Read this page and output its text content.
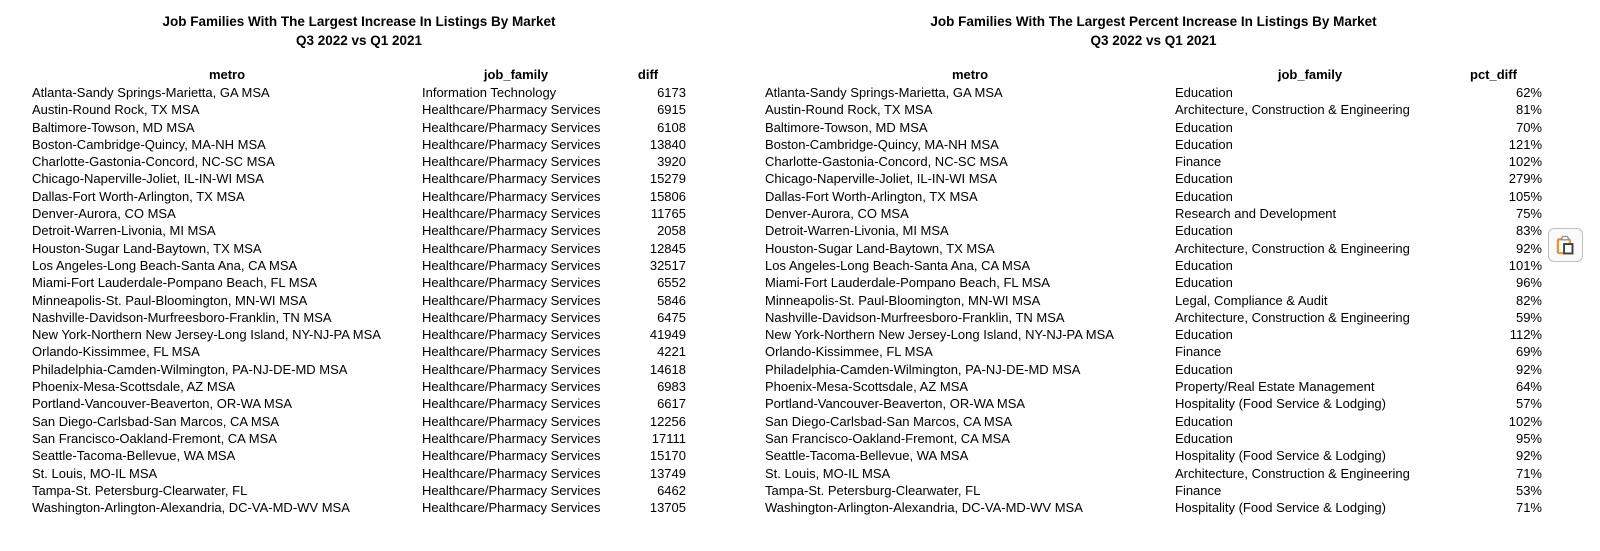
Job Families With The Largest Increase In Listings By Market
Q3 2022 vs Q1 2021
metro	job_family	diff
Atlanta-Sandy Springs-Marietta, GA MSA	Information Technology	6173
Austin-Round Rock, TX MSA	Healthcare/Pharmacy Services	6915
Baltimore-Towson, MD MSA	Healthcare/Pharmacy Services	6108
Boston-Cambridge-Quincy, MA-NH MSA	Healthcare/Pharmacy Services	13840
Charlotte-Gastonia-Concord, NC-SC MSA	Healthcare/Pharmacy Services	3920
Chicago-Naperville-Joliet, IL-IN-WI MSA	Healthcare/Pharmacy Services	15279
Dallas-Fort Worth-Arlington, TX MSA	Healthcare/Pharmacy Services	15806
Denver-Aurora, CO MSA	Healthcare/Pharmacy Services	11765
Detroit-Warren-Livonia, MI MSA	Healthcare/Pharmacy Services	2058
Houston-Sugar Land-Baytown, TX MSA	Healthcare/Pharmacy Services	12845
Los Angeles-Long Beach-Santa Ana, CA MSA	Healthcare/Pharmacy Services	32517
Miami-Fort Lauderdale-Pompano Beach, FL MSA	Healthcare/Pharmacy Services	6552
Minneapolis-St. Paul-Bloomington, MN-WI MSA	Healthcare/Pharmacy Services	5846
Nashville-Davidson-Murfreesboro-Franklin, TN MSA	Healthcare/Pharmacy Services	6475
New York-Northern New Jersey-Long Island, NY-NJ-PA MSA	Healthcare/Pharmacy Services	41949
Orlando-Kissimmee, FL MSA	Healthcare/Pharmacy Services	4221
Philadelphia-Camden-Wilmington, PA-NJ-DE-MD MSA	Healthcare/Pharmacy Services	14618
Phoenix-Mesa-Scottsdale, AZ MSA	Healthcare/Pharmacy Services	6983
Portland-Vancouver-Beaverton, OR-WA MSA	Healthcare/Pharmacy Services	6617
San Diego-Carlsbad-San Marcos, CA MSA	Healthcare/Pharmacy Services	12256
San Francisco-Oakland-Fremont, CA MSA	Healthcare/Pharmacy Services	17111
Seattle-Tacoma-Bellevue, WA MSA	Healthcare/Pharmacy Services	15170
St. Louis, MO-IL MSA	Healthcare/Pharmacy Services	13749
Tampa-St. Petersburg-Clearwater, FL	Healthcare/Pharmacy Services	6462
Washington-Arlington-Alexandria, DC-VA-MD-WV MSA	Healthcare/Pharmacy Services	13705
Job Families With The Largest Percent Increase In Listings By Market
Q3 2022 vs Q1 2021
metro	job_family	pct_diff
Atlanta-Sandy Springs-Marietta, GA MSA	Education	62%
Austin-Round Rock, TX MSA	Architecture, Construction & Engineering	81%
Baltimore-Towson, MD MSA	Education	70%
Boston-Cambridge-Quincy, MA-NH MSA	Education	121%
Charlotte-Gastonia-Concord, NC-SC MSA	Finance	102%
Chicago-Naperville-Joliet, IL-IN-WI MSA	Education	279%
Dallas-Fort Worth-Arlington, TX MSA	Education	105%
Denver-Aurora, CO MSA	Research and Development	75%
Detroit-Warren-Livonia, MI MSA	Education	83%
Houston-Sugar Land-Baytown, TX MSA	Architecture, Construction & Engineering	92%
Los Angeles-Long Beach-Santa Ana, CA MSA	Education	101%
Miami-Fort Lauderdale-Pompano Beach, FL MSA	Education	96%
Minneapolis-St. Paul-Bloomington, MN-WI MSA	Legal, Compliance & Audit	82%
Nashville-Davidson-Murfreesboro-Franklin, TN MSA	Architecture, Construction & Engineering	59%
New York-Northern New Jersey-Long Island, NY-NJ-PA MSA	Education	112%
Orlando-Kissimmee, FL MSA	Finance	69%
Philadelphia-Camden-Wilmington, PA-NJ-DE-MD MSA	Education	92%
Phoenix-Mesa-Scottsdale, AZ MSA	Property/Real Estate Management	64%
Portland-Vancouver-Beaverton, OR-WA MSA	Hospitality (Food Service & Lodging)	57%
San Diego-Carlsbad-San Marcos, CA MSA	Education	102%
San Francisco-Oakland-Fremont, CA MSA	Education	95%
Seattle-Tacoma-Bellevue, WA MSA	Hospitality (Food Service & Lodging)	92%
St. Louis, MO-IL MSA	Architecture, Construction & Engineering	71%
Tampa-St. Petersburg-Clearwater, FL	Finance	53%
Washington-Arlington-Alexandria, DC-VA-MD-WV MSA	Hospitality (Food Service & Lodging)	71%
